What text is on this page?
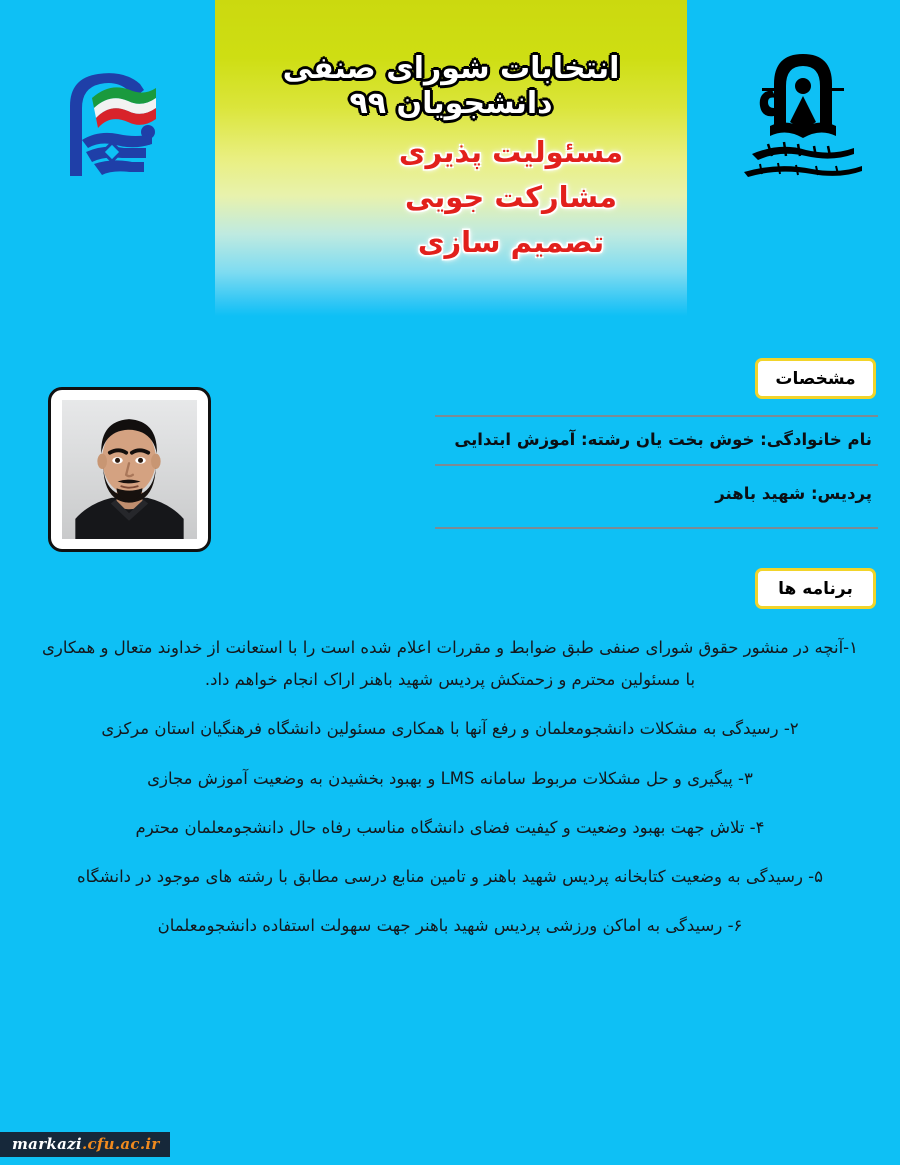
انتخابات شورای صنفی دانشجویان ۹۹
مسئولیت پذیری
مشارکت جویی
تصمیم سازی
مشخصات
نام خانوادگی: خوش بخت یان رشته: آموزش ابتدایی
پردیس: شهید باهنر
برنامه ها
۱-آنچه در منشور حقوق شورای صنفی طبق ضوابط و مقررات اعلام شده است را با استعانت از خداوند متعال و همکاری با مسئولین محترم و زحمتکش پردیس شهید باهنر اراک انجام خواهم داد.
۲- رسیدگی به مشکلات دانشجومعلمان و رفع آنها با همکاری مسئولین دانشگاه فرهنگیان استان مرکزی
۳- پیگیری و حل مشکلات مربوط سامانه LMS و بهبود بخشیدن به وضعیت آموزش مجازی
۴- تلاش جهت بهبود وضعیت و کیفیت فضای دانشگاه مناسب رفاه حال دانشجومعلمان محترم
۵- رسیدگی به وضعیت کتابخانه پردیس شهید باهنر و تامین منابع درسی مطابق با رشته های موجود در دانشگاه
۶- رسیدگی به اماکن ورزشی پردیس شهید باهنر جهت سهولت استفاده دانشجومعلمان
markazi.cfu.ac.ir
